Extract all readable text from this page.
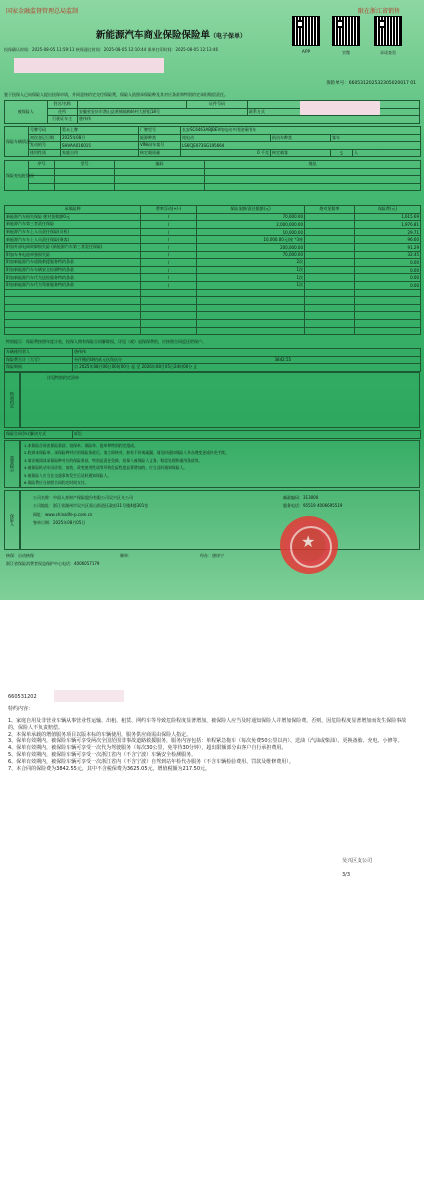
国家金融监督管理总局监制	限在浙江省销售
新能源汽车商业保险保险单（电子保单）
APP	官微	承诺查验
投保确认时间：2025-08-05 11:59:11 核保通过时间：2025-08-05 12:10:44 保单打印时间：2025-08-05 12:13:46
保险单号：660531202532305020017 01
鉴于投保人已向保险人提出投保申请，并同意按约定交付保险费，保险人依照承保险种及其对应条款和特别约定承担赔偿责任。
被保险人	姓名/名称		证件号码	
	住所	安徽省安庆市潜山县黄铺镇梅岭村大桥组18号		联系方式
	行驶证车主	唐伟伟		
保险车辆情况	号牌号码	暂未上牌	厂牌型号	长安SC6463ABJBEV纯电动多用途乘用车			
	初次登记日期	2025年08月	能源种类	纯电动	机动车种类	客车	
	发动机号	SHVAA016015	VIN码/车架号	LS6CJE073SG195664			
	使用性质	家庭自用	核定载质量	0 千克	核定载客	5	人
保险充电桩情况	序号	型号	编码	地址

承保险种	费率浮动(+/-)	保险金额/责任限额(元)	绝对免赔率	保险费(元)
新能源汽车损失保险 绝对免赔额0元	/	70,000.00		1,615.69
新能源汽车第三者责任保险	/	2,000,000.00		1,976.81
新能源汽车车上人员责任保险(司机)	/	10,000.00		29.71
新能源汽车车上人员责任保险(乘客)	/	10,000.00元/座 *3座		96.60
附加外部电网故障损失险 (新能源汽车第三者责任保险)	/	200,000.00		91.29
附加车身电池单独损失险	/	70,000.00		32.45
附加新能源汽车道路救援服务特约条款	/	2次		0.00
附加新能源汽车车辆安全检测特约条款	/	1次		0.00
附加新能源汽车代为送检服务特约条款	/	1次		0.00
附加新能源汽车代为驾驶服务特约条款	/	1次		0.00

特别提示：保险费按照年度计收，投保人拥有保险合同解除权，详见（或）退保保费的，应按照合同返还给保户。
车辆使用者人	唐伟伟
保险费合计（大写）	叁仟捌佰肆拾贰元伍角伍分 3842.55

保险期间	自 2025年08月06日00时00分 起 至 2026年08月05日24时00分 止
特别约定
详见特别约定清单
保险合同争议解决方式	诉讼
重要提示
1.本保险合同由保险条款、投保单、保险单、批单和特别约定组成。
2.收到本保险单、承保险种对应的保险条款后，请立即核对，如有不符或疏漏，请及时通知保险人并办理变更或补充手续。
3.请详细阅读承保险种对应的保险条款，特别是责任免除、投保人被保险人义务、赔偿处理和通用条款等。
4.被保险机动车因改装、加装、改变使用性质等导致危险程度显著增加的，应当及时通知保险人。
5.被保险人应当在交通事故发生后及时通知保险人。
6.保险费应当按照合同约定时间支付。
保险人
公司名称：中国人寿财产保险股份有限公司吴兴区支公司
公司地址：浙江省湖州市吴兴区爱山街道区政府11号楼4楼301室
网址：www.chinalife-p.com.cn
签单日期：2025年08月05日
邮政编码：313000
服务电话：95519 4006695519
★
核保：自动核保	制单：	经办：唐诗宁
浙江省保险消费者权益保护中心电话：4006057179
660531202
特约内容：
1、家庭自用及非营业车辆从事营业性运输、出租、租赁、网约车等导致危险程度显著增加，被保险人应当及时通知保险人并增加保险费。否则，因危险程度显著增加而发生保险事故的，保险人不负责赔偿。
2、本保单承载的增值服务项目以版本标的车辆使用，服务供应商需由保险人指定。
3、保单有效期内，被保险车辆可享受两次全国范围非事故道路救援服务，服务内容包括：单程紧急拖车（每次免费50公里以内）、送油（汽油或柴油）、更换备胎、充电、小修等。
4、保单有效期内，被保险车辆可享受一次代为驾驶服务（每次30公里，免等待30分钟），超出限额部分由客户自行承担费用。
5、保单有效期内，被保险车辆可享受一次浙江省内（不含宁波）车辆安全检测服务。
6、保单有效期内，被保险车辆可享受一次浙江省内（不含宁波）自驾到站年检代办服务（不含车辆检验费用、罚款及维修费用）。
7、本合同的保险费为3842.55元，其中不含税保费为3625.05元，增值税额为217.50元。
吴兴区支公司
3/3
